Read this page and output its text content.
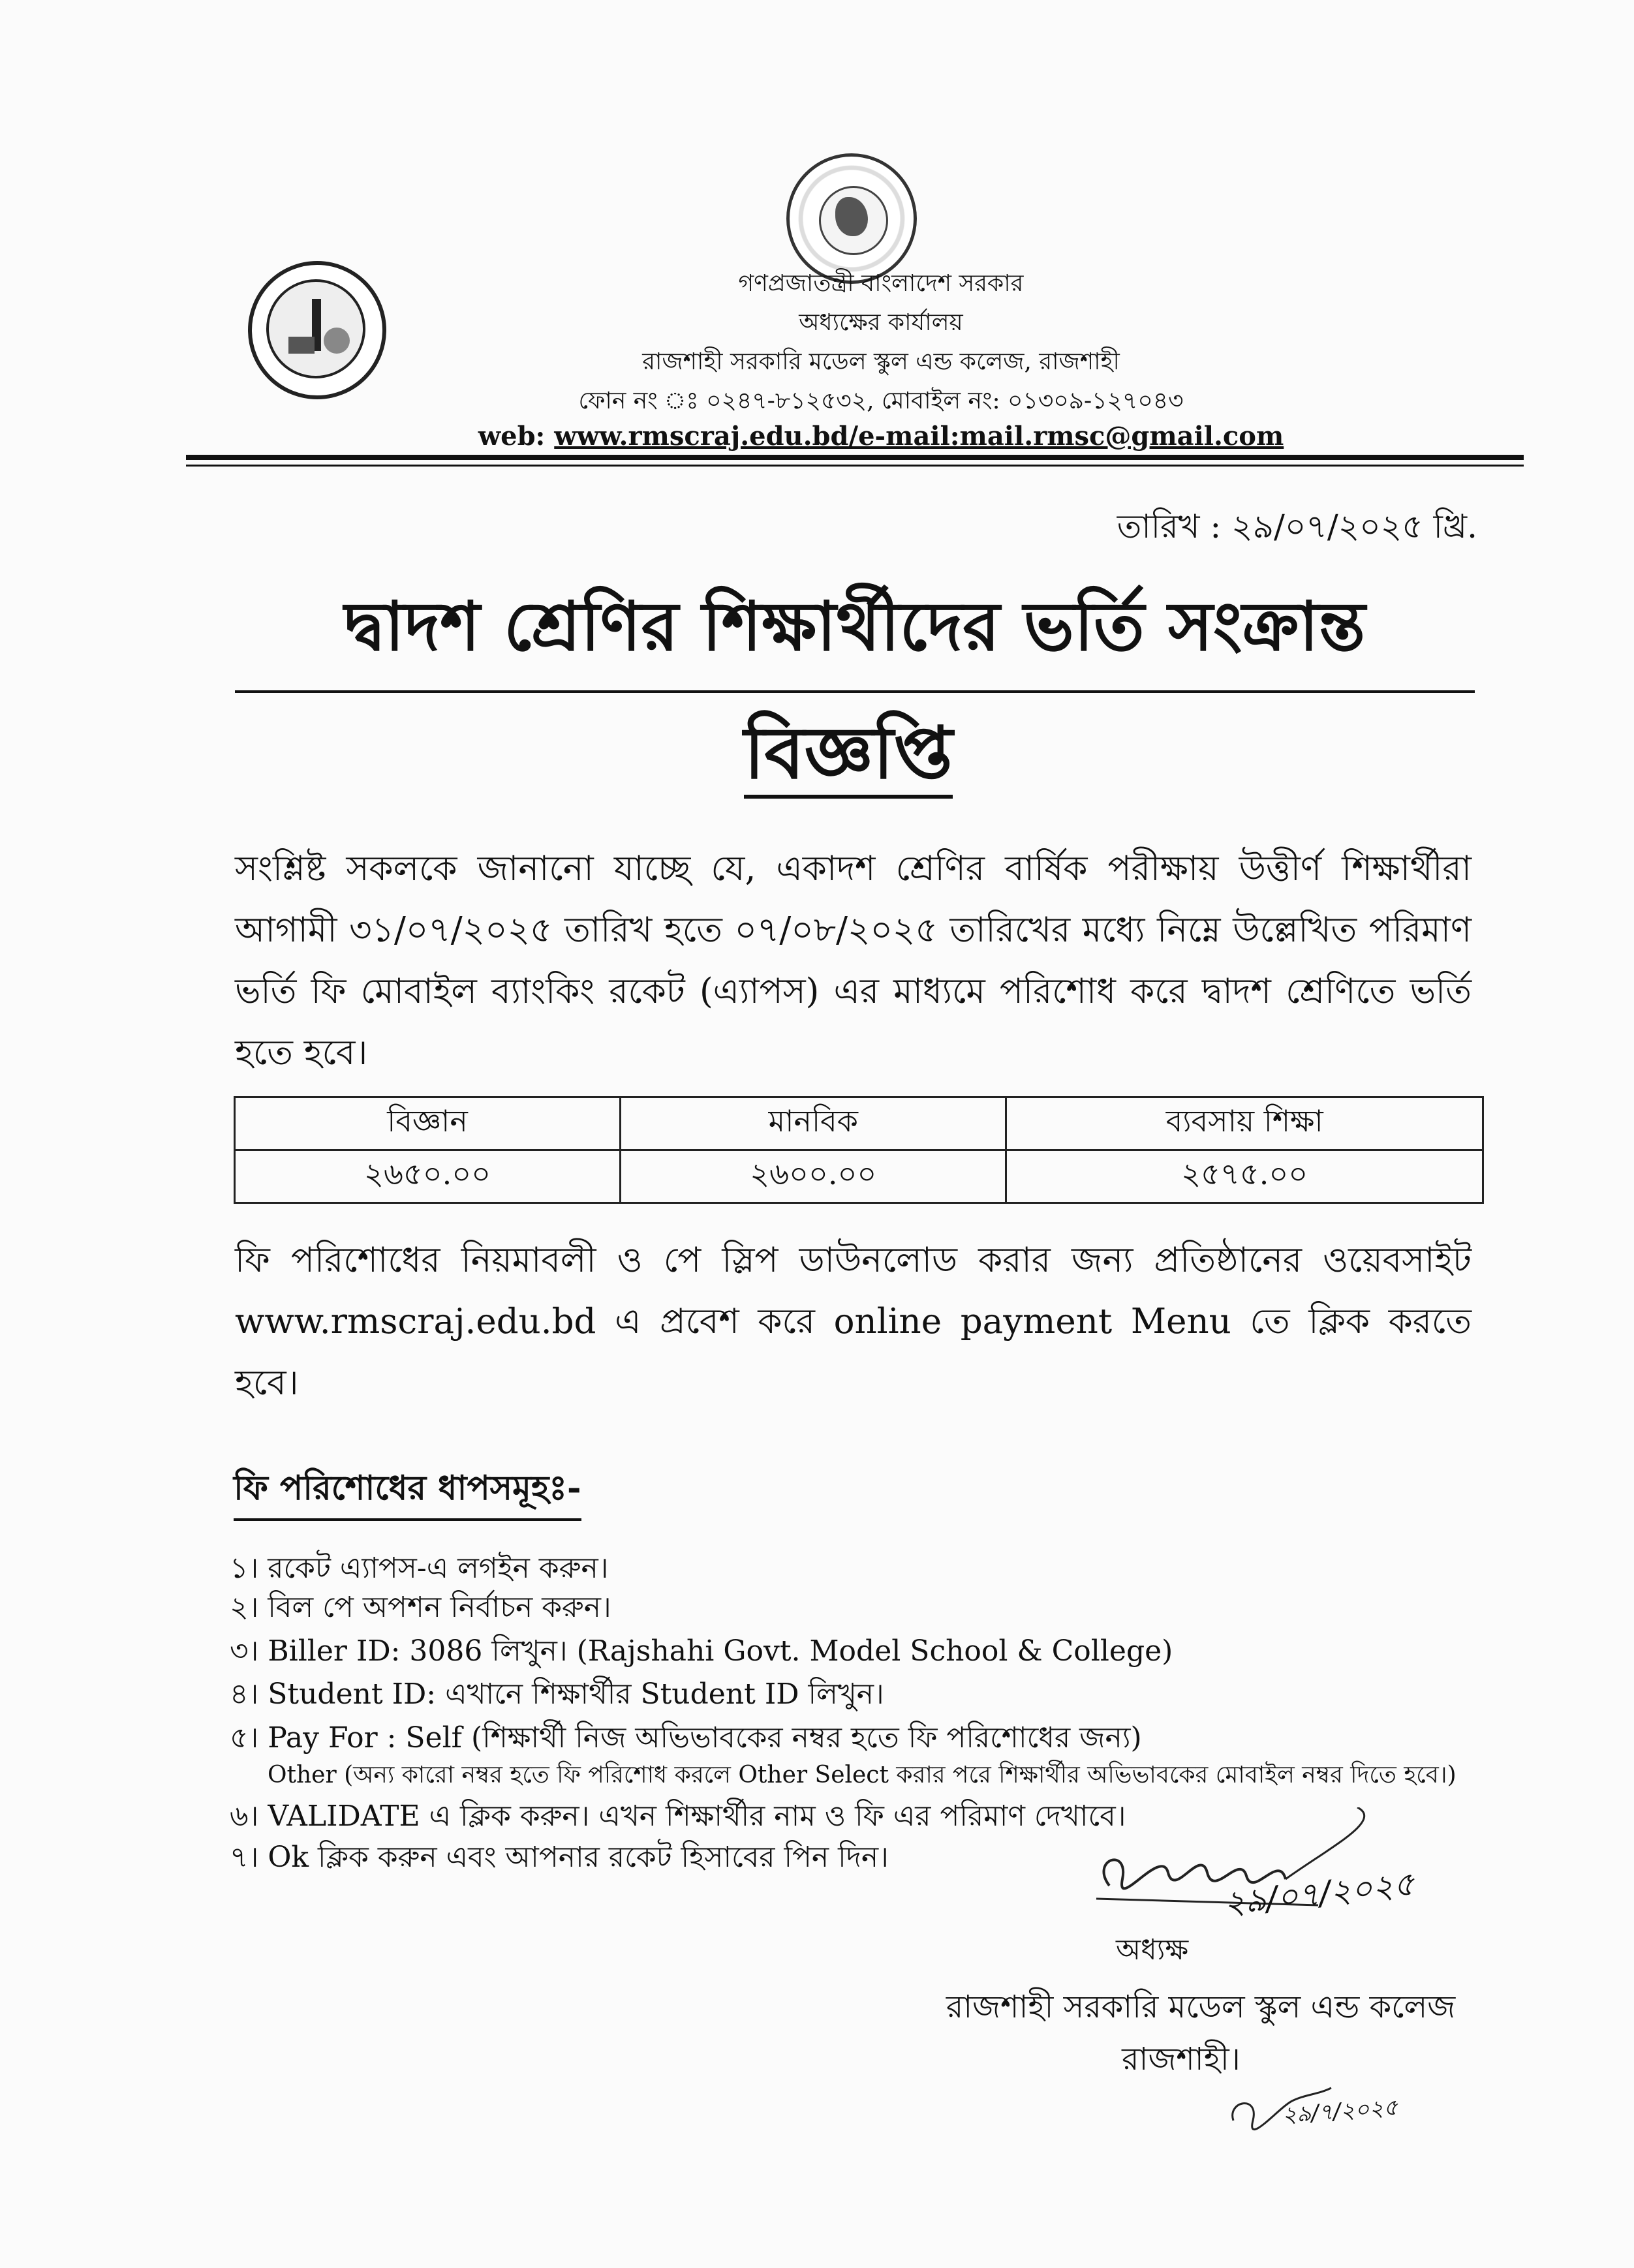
গণপ্রজাতন্ত্রী বাংলাদেশ সরকার
অধ্যক্ষের কার্যালয়
রাজশাহী সরকারি মডেল স্কুল এন্ড কলেজ, রাজশাহী
ফোন নং ঃ ০২৪৭-৮১২৫৩২, মোবাইল নং: ০১৩০৯-১২৭০৪৩
web: www.rmscraj.edu.bd/e-mail:mail.rmsc@gmail.com
তারিখ : ২৯/০৭/২০২৫ খ্রি.
দ্বাদশ শ্রেণির শিক্ষার্থীদের ভর্তি সংক্রান্ত
বিজ্ঞপ্তি
সংশ্লিষ্ট সকলকে জানানো যাচ্ছে যে, একাদশ শ্রেণির বার্ষিক পরীক্ষায় উত্তীর্ণ শিক্ষার্থীরা আগামী ৩১/০৭/২০২৫ তারিখ হতে ০৭/০৮/২০২৫ তারিখের মধ্যে নিম্নে উল্লেখিত পরিমাণ ভর্তি ফি মোবাইল ব্যাংকিং রকেট (এ্যাপস) এর মাধ্যমে পরিশোধ করে দ্বাদশ শ্রেণিতে ভর্তি হতে হবে।
বিজ্ঞান	মানবিক	ব্যবসায় শিক্ষা
২৬৫০.০০	২৬০০.০০	২৫৭৫.০০
ফি পরিশোধের নিয়মাবলী ও পে স্লিপ ডাউনলোড করার জন্য প্রতিষ্ঠানের ওয়েবসাইট www.rmscraj.edu.bd এ প্রবেশ করে online payment Menu তে ক্লিক করতে হবে।
ফি পরিশোধের ধাপসমূহঃ-
১। রকেট এ্যাপস-এ লগইন করুন।
২। বিল পে অপশন নির্বাচন করুন।
৩। Biller ID: 3086 লিখুন। (Rajshahi Govt. Model School & College)
৪। Student ID: এখানে শিক্ষার্থীর Student ID লিখুন।
৫। Pay For : Self (শিক্ষার্থী নিজ অভিভাবকের নম্বর হতে ফি পরিশোধের জন্য)
Other (অন্য কারো নম্বর হতে ফি পরিশোধ করলে Other Select করার পরে শিক্ষার্থীর অভিভাবকের মোবাইল নম্বর দিতে হবে।)
৬। VALIDATE এ ক্লিক করুন। এখন শিক্ষার্থীর নাম ও ফি এর পরিমাণ দেখাবে।
৭। Ok ক্লিক করুন এবং আপনার রকেট হিসাবের পিন দিন।
২৯/০৭/২০২৫
অধ্যক্ষ
রাজশাহী সরকারি মডেল স্কুল এন্ড কলেজ
রাজশাহী।
২৯/৭/২০২৫
